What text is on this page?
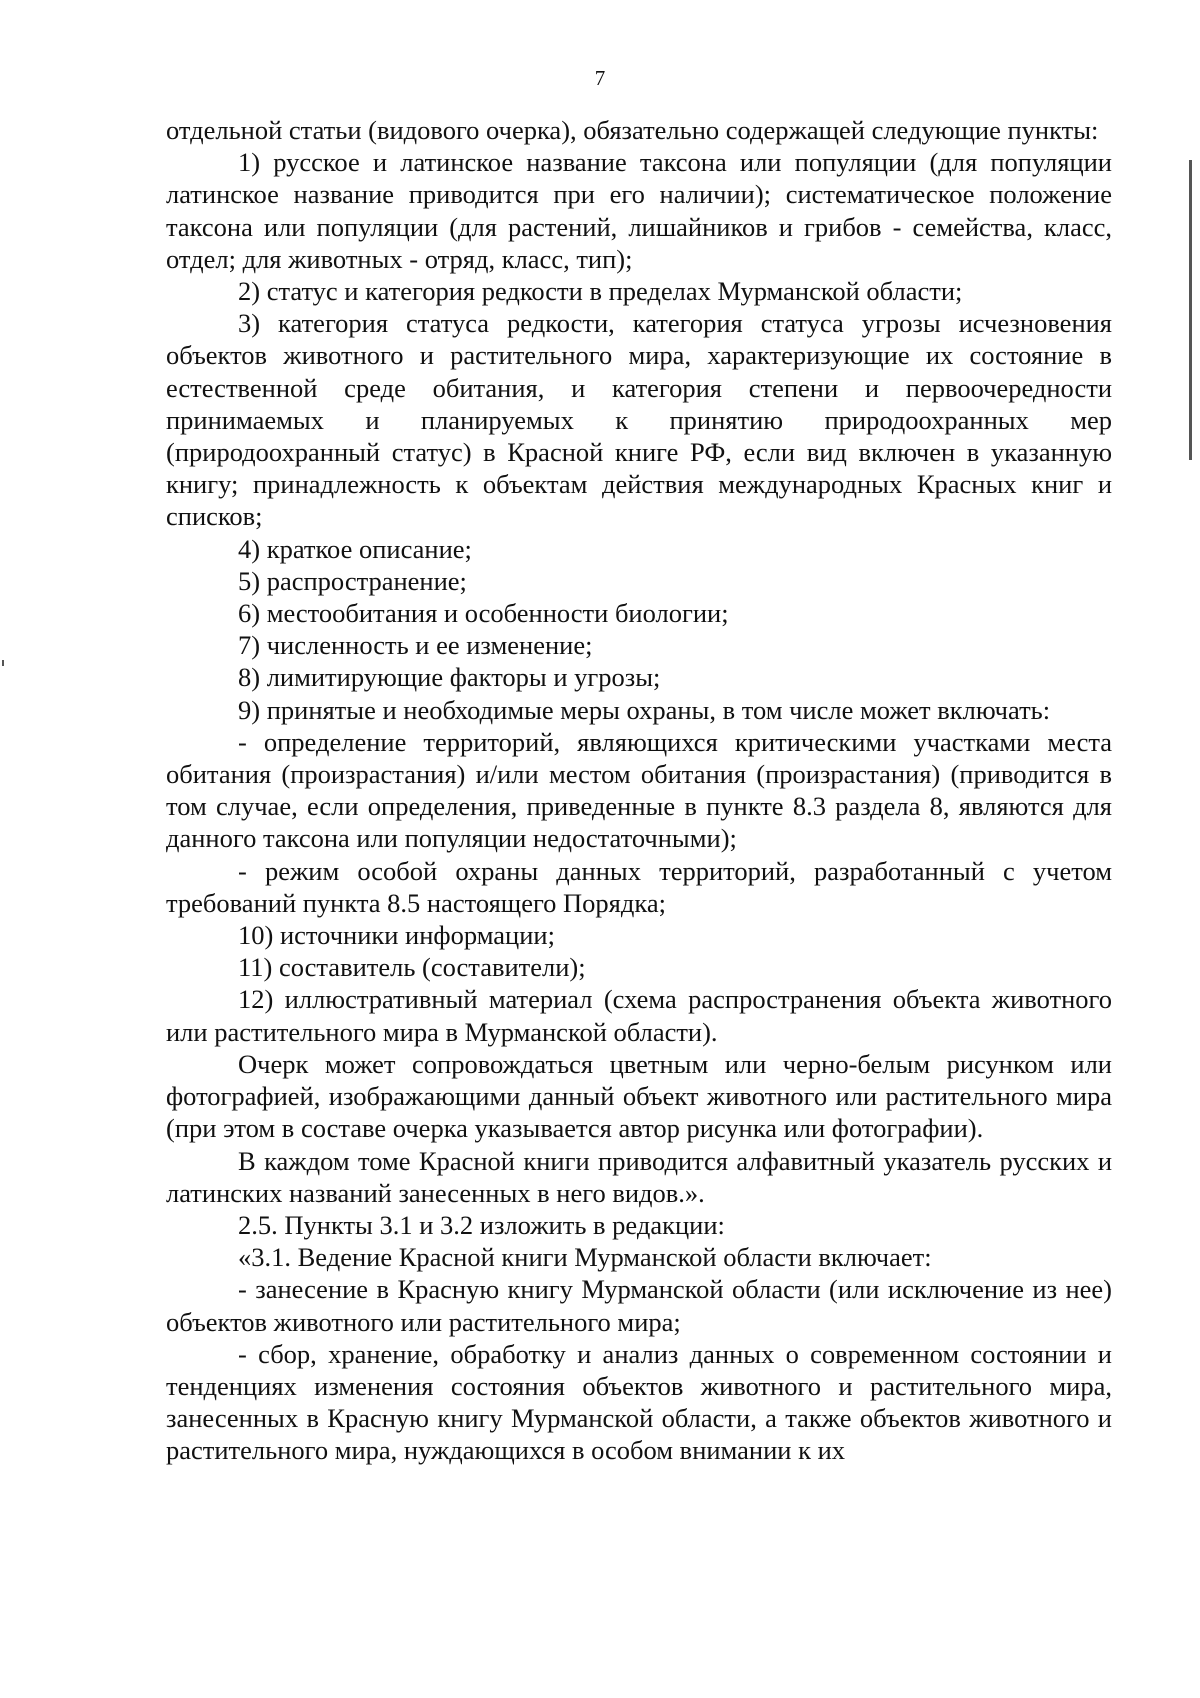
7

отдельной статьи (видового очерка), обязательно содержащей следующие пункты:

1) русское и латинское название таксона или популяции (для популяции латинское название приводится при его наличии); систематическое положение таксона или популяции (для растений, лишайников и грибов - семейства, класс, отдел; для животных - отряд, класс, тип);

2) статус и категория редкости в пределах Мурманской области;

3) категория статуса редкости, категория статуса угрозы исчезновения объектов животного и растительного мира, характеризующие их состояние в естественной среде обитания, и категория степени и первоочередности принимаемых и планируемых к принятию природоохранных мер (природоохранный статус) в Красной книге РФ, если вид включен в указанную книгу; принадлежность к объектам действия международных Красных книг и списков;

4) краткое описание;

5) распространение;

6) местообитания и особенности биологии;

7) численность и ее изменение;

8) лимитирующие факторы и угрозы;

9) принятые и необходимые меры охраны, в том числе может включать:

- определение территорий, являющихся критическими участками места обитания (произрастания) и/или местом обитания (произрастания) (приводится в том случае, если определения, приведенные в пункте 8.3 раздела 8, являются для данного таксона или популяции недостаточными);

- режим особой охраны данных территорий, разработанный с учетом требований пункта 8.5 настоящего Порядка;

10) источники информации;

11) составитель (составители);

12) иллюстративный материал (схема распространения объекта животного или растительного мира в Мурманской области).

Очерк может сопровождаться цветным или черно-белым рисунком или фотографией, изображающими данный объект животного или растительного мира (при этом в составе очерка указывается автор рисунка или фотографии).

В каждом томе Красной книги приводится алфавитный указатель русских и латинских названий занесенных в него видов.».

2.5. Пункты 3.1 и 3.2 изложить в редакции:

«3.1. Ведение Красной книги Мурманской области включает:

- занесение в Красную книгу Мурманской области (или исключение из нее) объектов животного или растительного мира;

- сбор, хранение, обработку и анализ данных о современном состоянии и тенденциях изменения состояния объектов животного и растительного мира, занесенных в Красную книгу Мурманской области, а также объектов животного и растительного мира, нуждающихся в особом внимании к их
